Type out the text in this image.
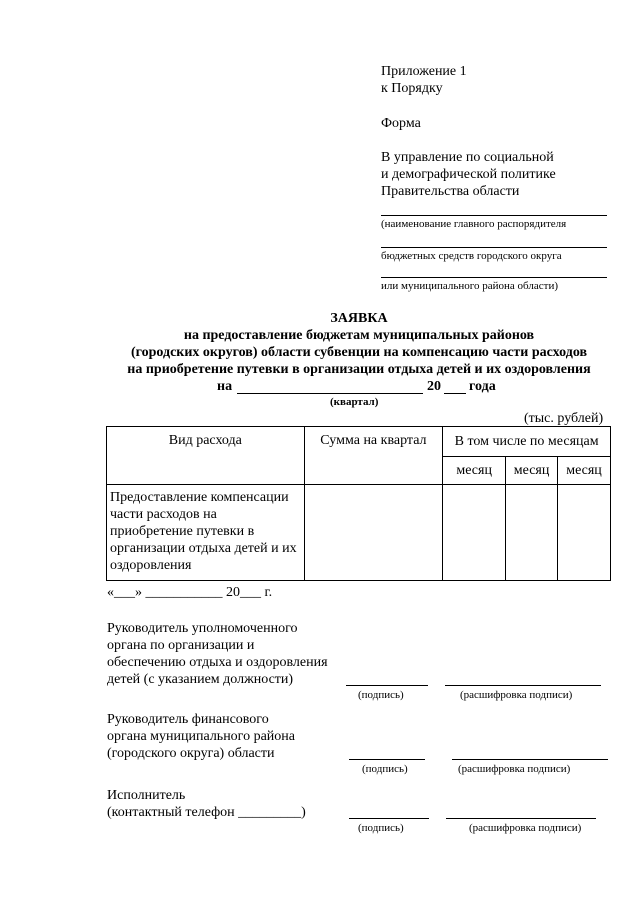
Приложение 1
к Порядку
Форма
В управление по социальной
и демографической политике
Правительства области
(наименование главного распорядителя
бюджетных средств городского округа
или муниципального района области)
ЗАЯВКА
на предоставление бюджетам муниципальных районов
(городских округов) области субвенции на компенсацию части расходов
на приобретение путевки в организации отдыха детей и их оздоровления
на	20 года
(квартал)
(тыс. рублей)
Вид расхода	Сумма на квартал	В том числе по месяцам		
		месяц	месяц	месяц
Предоставление компенсации части расходов на приобретение путевки в организации отдыха детей и их оздоровления				
«___» ___________ 20___ г.
Руководитель уполномоченного
органа по организации и
обеспечению отдыха и оздоровления
детей (с указанием должности)
(подпись)	(расшифровка подписи)
Руководитель финансового
органа муниципального района
(городского округа) области
(подпись)	(расшифровка подписи)
Исполнитель
(контактный телефон _________)
(подпись)	(расшифровка подписи)
